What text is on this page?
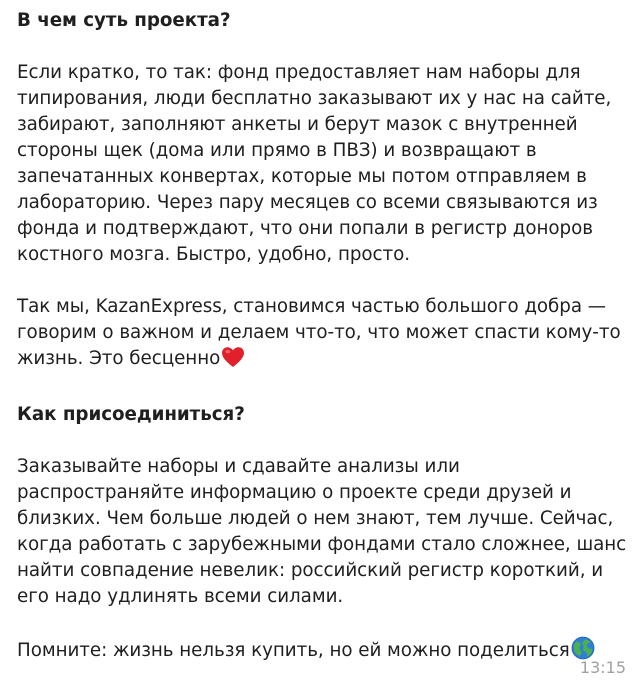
В чем суть проекта?

Если кратко, то так: фонд предоставляет нам наборы для типирования, люди бесплатно заказывают их у нас на сайте, забирают, заполняют анкеты и берут мазок с внутренней стороны щек (дома или прямо в ПВЗ) и возвращают в запечатанных конвертах, которые мы потом отправляем в лабораторию. Через пару месяцев со всеми связываются из фонда и подтверждают, что они попали в регистр доноров костного мозга. Быстро, удобно, просто.

Так мы, KazanExpress, становимся частью большого добра — говорим о важном и делаем что-то, что может спасти кому-то жизнь. Это бесценно

Как присоединиться?

Заказывайте наборы и сдавайте анализы или распространяйте информацию о проекте среди друзей и близких. Чем больше людей о нем знают, тем лучше. Сейчас, когда работать с зарубежными фондами стало сложнее, шанс найти совпадение невелик: российский регистр короткий, и его надо удлинять всеми силами.

Помните: жизнь нельзя купить, но ей можно поделиться

13:15
